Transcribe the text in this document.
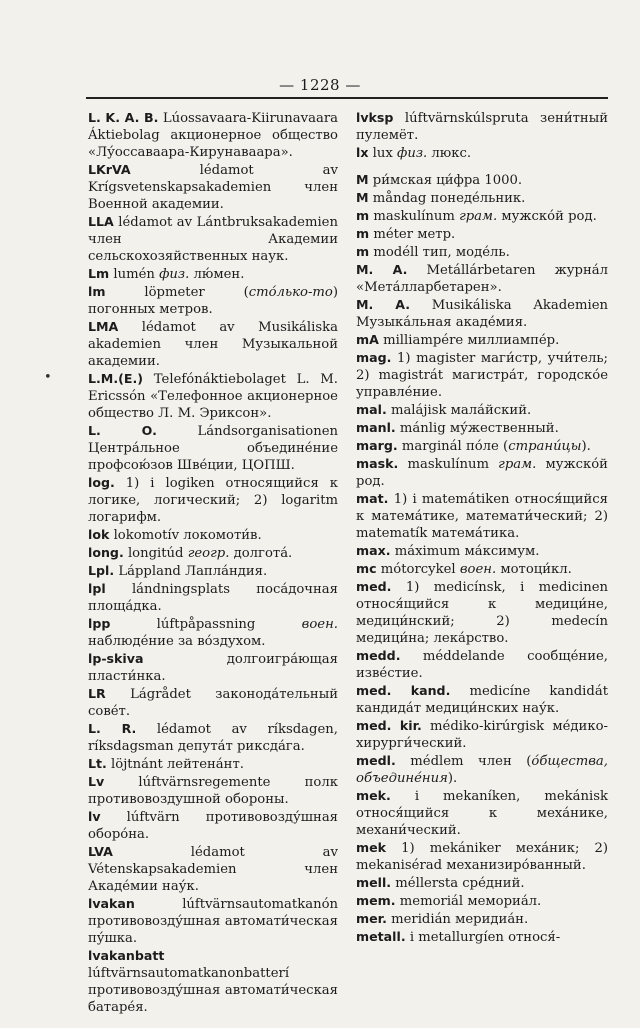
— 1228 —
•

L. K. A. B. Lúossavaara-Kiirunavaara Áktiebolag акционерное общество «Лу́оссаваара-Кирунаваара».

LKrVA	lédamot av Krígsvetenskapsakademien член Военной академии.

LLA lédamot av Lántbruksakademien член Академии сельскохозяйственных наук.

Lm lumén физ. лю́мен.

lm	löpmeter (сто́лько-то) погонных метров.

LMA lédamot av Musikáliska akademien член Музыкальной академии.

L.M.(E.) Telefónáktiebolaget L. M. Ericssón «Телефонное акционерное общество Л. М. Эриксон».

L. O.	Lándsorganisationen Центра́льное объедине́ние профсою́зов Шве́ции, ЦОПШ.

log. 1) i logiken относящийся к логике, логический; 2) logaritm логарифм.

lok lokomotív локомоти́в.

long. longitúd геогр. долгота́.

Lpl. Láppland Лапла́ндия.

lpl lándningsplats поса́дочная площа́дка.

lpp	lúftpåpassning	воен. наблюде́ние за во́здухом.

lp-skiva	долгоигра́ющая пласти́нка.

LR Lágrådet законода́тельный сове́т.

L. R. lédamot av ríksdagen, ríksdagsman депута́т риксда́га.

Lt. löjtnánt лейтена́нт.

Lv	lúftvärnsregemente полк противовоздушной обороны.

lv lúftvärn противовозду́шная оборо́на.

LVA	lédamot av Vétenskapsakademien член Акаде́мии нау́к.

lvakan	lúftvärnsautomatkanón противовозду́шная автомати́ческая пу́шка.

lvakanbatt lúftvärnsautomatkanonbatterí противовозду́шная автомати́ческая батаре́я.

lvksp lúftvärnskúlspruta зени́тный пулемёт.

lx lux физ. люкс.

M ри́мская ци́фра 1000.

M måndag понеде́льник.

m maskulínum грам. мужско́й род.

m méter метр.

m modéll тип, моде́ль.

M. A. Metállárbetaren журна́л «Мета́лларбетарен».

M. A. Musikáliska Akademien Музыка́льная акаде́мия.

mA milliampére миллиампе́р.

mag. 1) magister маги́стр, учи́тель; 2) magistrát магистра́т, городско́е управле́ние.

mal. malájisk мала́йский.

manl. mánlig му́жественный.

marg. marginál по́ле (страни́цы).

mask. maskulínum грам. мужско́й род.

mat. 1) i matemátiken относя́щийся к матема́тике, математи́ческий; 2) matematík матема́тика.

max. máximum ма́ксимум.

mc mótorcykel воен. мотоци́кл.

med. 1) medicínsk, i medicinen относя́щийся к медици́не, медици́нский; 2) medecín медици́на; лека́рство.

medd. méddelande сообще́ние, изве́стие.

med. kand. medicíne kandidát кандида́т медици́нских нау́к.

med. kir. médiko-kirúrgisk ме́дико-хирурги́ческий.

medl. médlem член (о́бщества, объедине́ния).

mek. i mekaníken, mekánisk относя́щийся к меха́нике, механи́ческий.

mek 1) mekániker меха́ник; 2) mekanisérad механизиро́ванный.

mell. méllersta сре́дний.

mem. memoriál мемориа́л.

mer. meridián меридиа́н.

metall. i metallurgíen относя́-
